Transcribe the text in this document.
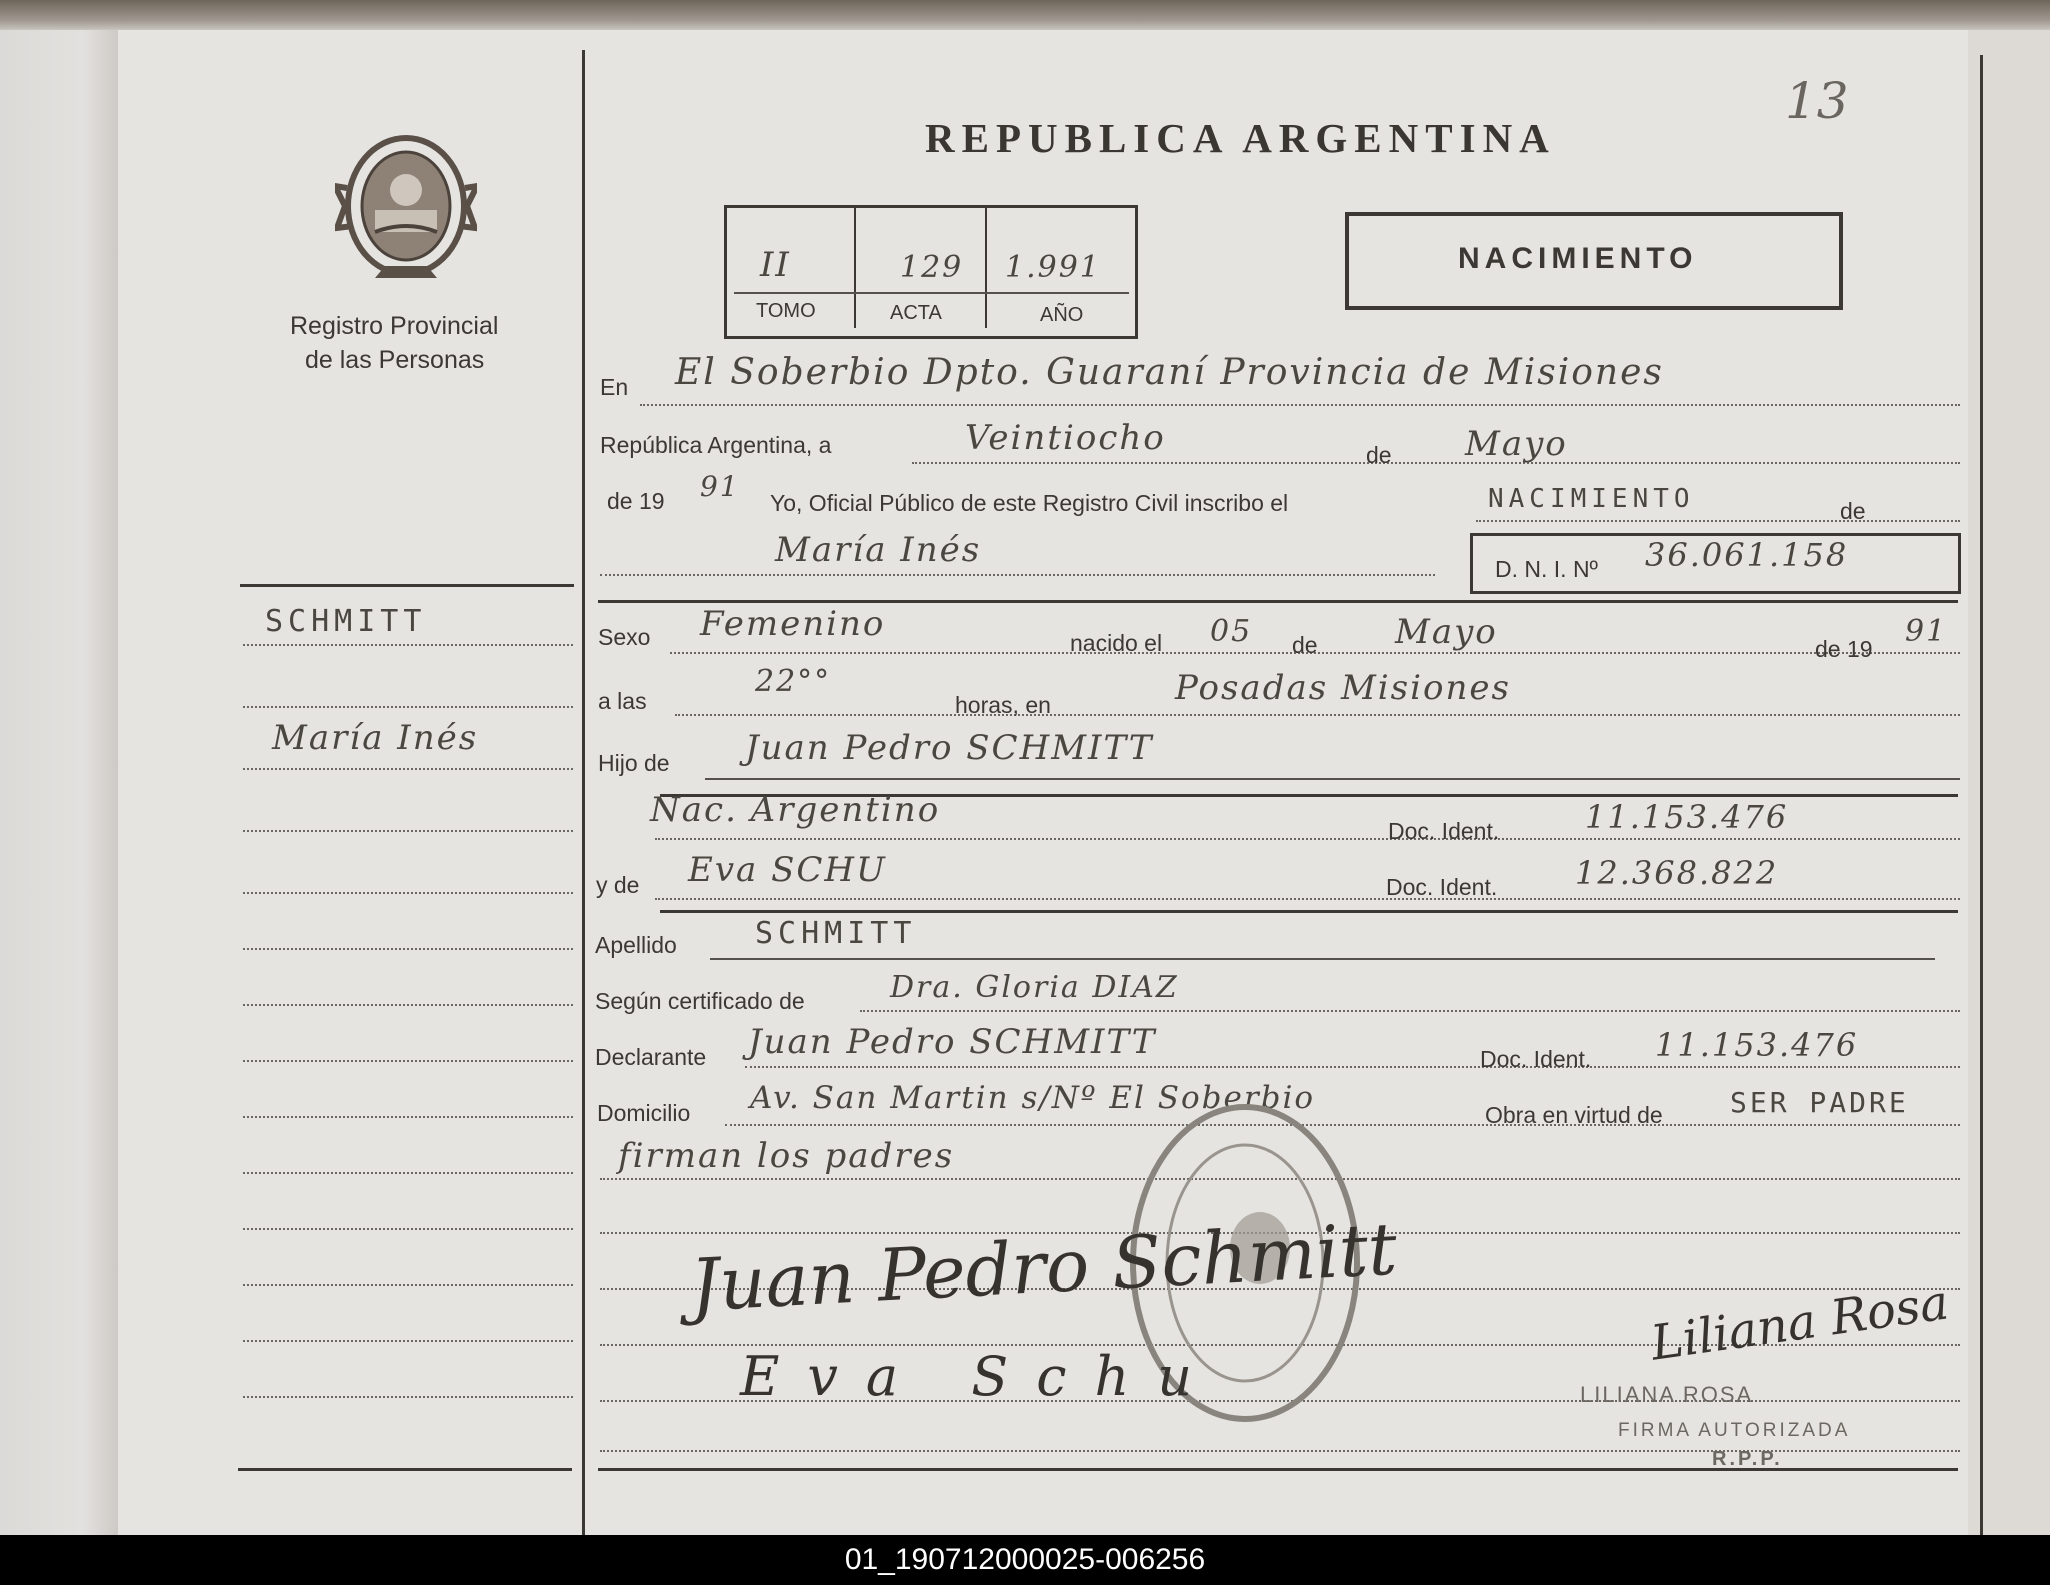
Registro Provincial
de las Personas
REPUBLICA ARGENTINA
13
II	129 1.991
TOMO	ACTA	AÑO
NACIMIENTO
SCHMITT
María Inés
En El Soberbio Dpto. Guaraní Provincia de Misiones
República Argentina, a	Veintiocho	de Mayo
de 19 91 Yo, Oficial Público de este Registro Civil inscribo el	NACIMIENTO	de
María Inés	D. N. I. Nº 36.061.158
Sexo Femenino	nacido el 05 de Mayo	de 19 91
a las
22°°
horas, en	Posadas Misiones
Hijo de Juan Pedro SCHMITT
Nac. Argentino
Doc. Ident.	11.153.476
y de Eva SCHU	Doc. Ident. 12.368.822
Apellido	SCHMITT
Según certificado de	Dra. Gloria DIAZ
Declarante Juan Pedro SCHMITT	Doc. Ident. 11.153.476
Domicilio Av. San Martin s/Nº El Soberbio	Obra en virtud de SER PADRE
firman los padres
Juan Pedro Schmitt
Eva Schu
Liliana Rosa
LILIANA ROSA
FIRMA AUTORIZADA
R.P.P.
01_190712000025-006256
